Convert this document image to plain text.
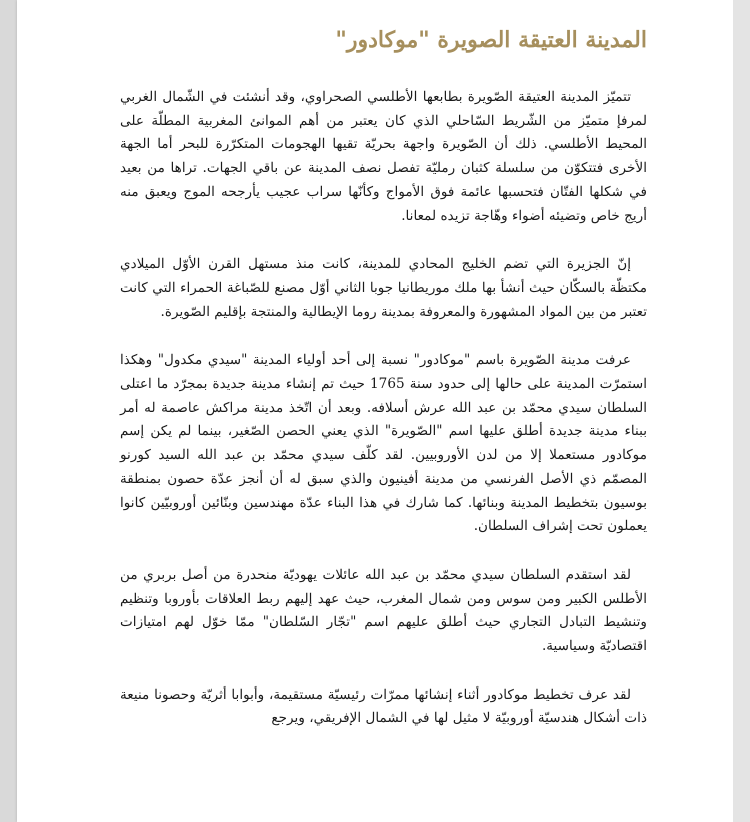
المدينة العتيقة الصويرة "موكادور"

تتميّز المدينة العتيقة الصّويرة بطابعها الأطلسي الصحراوي، وقد أنشئت في الشّمال الغربي لمرفإ متميّز من الشّريط السّاحلي الذي كان يعتبر من أهم الموانئ المغربية المطلّة على المحيط الأطلسي. ذلك أن الصّويرة واجهة بحريّة تقيها الهجومات المتكرّرة للبحر أما الجهة الأخرى فتتكوّن من سلسلة كثبان رمليّة تفصل نصف المدينة عن باقي الجهات. تراها من بعيد في شكلها الفتّان فتحسبها عائمة فوق الأمواج وكأنّها سراب عجيب يأرجحه الموج ويعبق منه أريج خاص وتضيئه أضواء وهّاجة تزيده لمعانا.

إنّ الجزيرة التي تضم الخليج المحادي للمدينة، كانت منذ مستهل القرن الأوّل الميلادي مكتظّة بالسكّان حيث أنشأ بها ملك موريطانيا جوبا الثاني أوّل مصنع للصّباغة الحمراء التي كانت تعتبر من بين المواد المشهورة والمعروفة بمدينة روما الإيطالية والمنتجة بإقليم الصّويرة.

عرفت مدينة الصّويرة باسم "موكادور" نسبة إلى أحد أولياء المدينة "سيدي مكدول" وهكذا استمرّت المدينة على حالها إلى حدود سنة 1765 حيث تم إنشاء مدينة جديدة بمجرّد ما اعتلى السلطان سيدي محمّد بن عبد الله عرش أسلافه. وبعد أن اتّخذ مدينة مراكش عاصمة له أمر ببناء مدينة جديدة أطلق عليها اسم "الصّويرة" الذي يعني الحصن الصّغير، بينما لم يكن إسم موكادور مستعملا إلا من لدن الأوروبيين. لقد كلّف سيدي محمّد بن عبد الله السيد كورنو المصمّم ذي الأصل الفرنسي من مدينة أفينيون والذي سبق له أن أنجز عدّة حصون بمنطقة بوسيون بتخطيط المدينة وبنائها. كما شارك في هذا البناء عدّة مهندسين وبنّائين أوروبيّين كانوا يعملون تحت إشراف السلطان.

لقد استقدم السلطان سيدي محمّد بن عبد الله عائلات يهوديّة منحدرة من أصل بربري من الأطلس الكبير ومن سوس ومن شمال المغرب، حيث عهد إليهم ربط العلاقات بأوروبا وتنظيم وتنشيط التبادل التجاري حيث أطلق عليهم اسم "تجّار السّلطان" ممّا خوّل لهم امتيازات اقتصاديّة وسياسية.

لقد عرف تخطيط موكادور أثناء إنشائها ممرّات رئيسيّة مستقيمة، وأبوابا أثريّة وحصونا منيعة ذات أشكال هندسيّة أوروبيّة لا مثيل لها في الشمال الإفريقي، ويرجع
